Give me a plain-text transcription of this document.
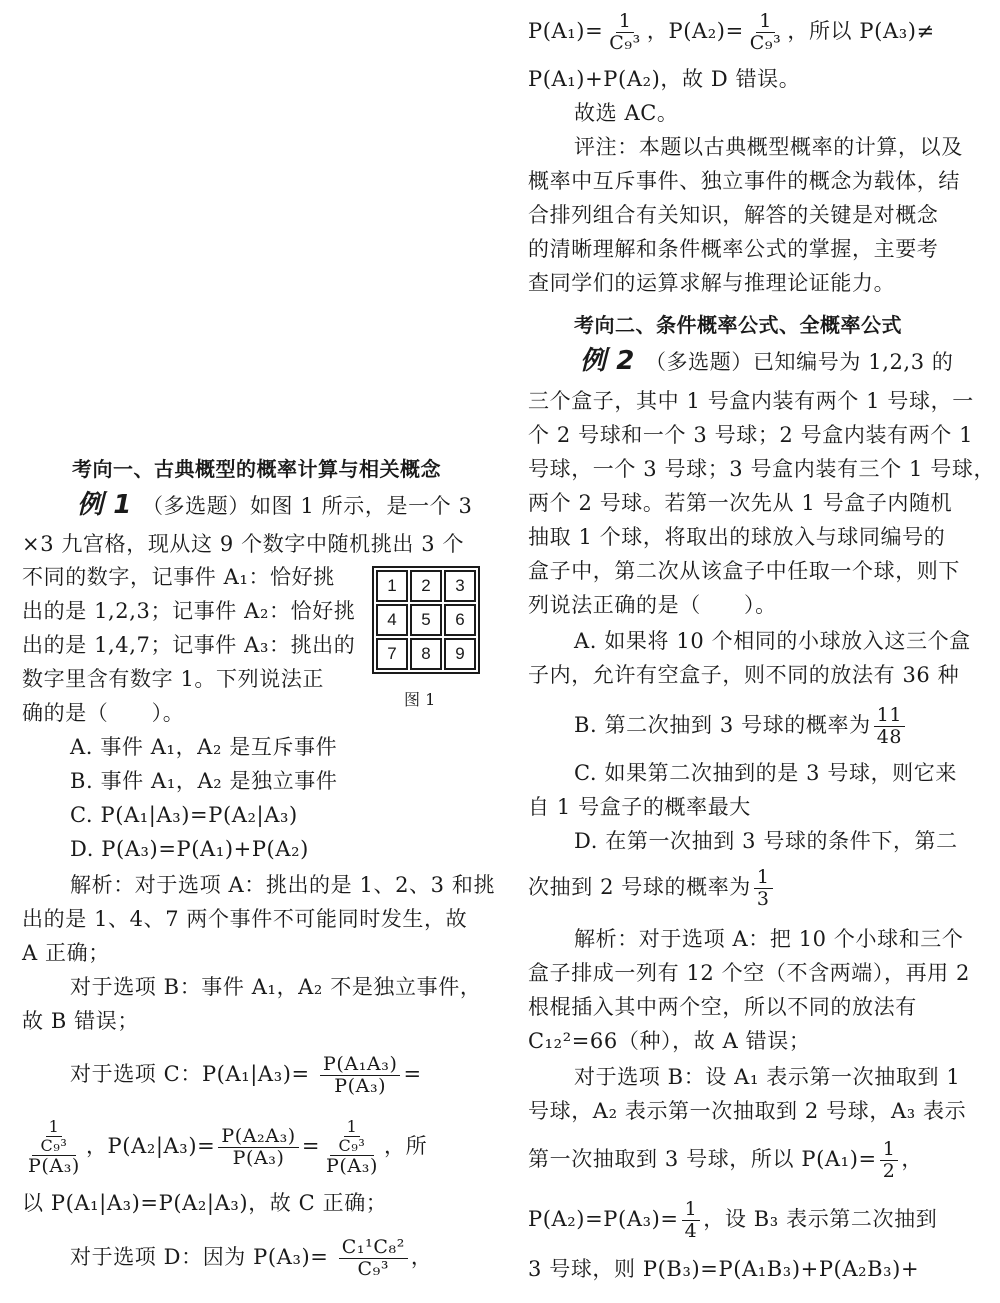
考向一、古典概型的概率计算与相关概念
例 1 （多选题）如图 1 所示，是一个 3
×3 九宫格，现从这 9 个数字中随机挑出 3 个
不同的数字，记事件 A₁：恰好挑
出的是 1,2,3；记事件 A₂：恰好挑
出的是 1,4,7；记事件 A₃：挑出的
数字里含有数字 1。下列说法正
确的是（　　）。
A. 事件 A₁，A₂ 是互斥事件
B. 事件 A₁，A₂ 是独立事件
C. P(A₁|A₃)=P(A₂|A₃)
D. P(A₃)=P(A₁)+P(A₂)
解析：对于选项 A：挑出的是 1、2、3 和挑
出的是 1、4、7 两个事件不可能同时发生，故
A 正确；
对于选项 B：事件 A₁，A₂ 不是独立事件，
故 B 错误；
对于选项 C：$P(A_1|A_3)= \frac{\text{P(A₁A₃)}}{\text{P(A₃)}}$ =
$\frac{\frac{1}{\text{C₉³}}}{\text{P(A₃)}}$ ，$P(A_2|A_3)= \frac{\text{P(A₂A₃)}}{\text{P(A₃)}} = \frac{\frac{1}{\text{C₉³}}}{\text{P(A₃)}}$ ，所
以 P(A₁|A₃)=P(A₂|A₃)，故 C 正确；
对于选项 D：因为 $P(A_3)= \frac{\text{C₁¹C₈²}}{\text{C₉³}}$ ，
1	2	3
4	5	6
7	8	9
图 1
$P(A_1)= \frac{1}{\text{C₉³}}$ ，$P(A_2)= \frac{1}{\text{C₉³}}$ ，所以 P(A₃)≠
P(A₁)+P(A₂)，故 D 错误。
故选 AC。
评注：本题以古典概型概率的计算，以及
概率中互斥事件、独立事件的概念为载体，结
合排列组合有关知识，解答的关键是对概念
的清晰理解和条件概率公式的掌握，主要考
查同学们的运算求解与推理论证能力。
考向二、条件概率公式、全概率公式
例 2 （多选题）已知编号为 1,2,3 的
三个盒子，其中 1 号盒内装有两个 1 号球，一
个 2 号球和一个 3 号球；2 号盒内装有两个 1
号球，一个 3 号球；3 号盒内装有三个 1 号球，
两个 2 号球。若第一次先从 1 号盒子内随机
抽取 1 个球，将取出的球放入与球同编号的
盒子中，第二次从该盒子中任取一个球，则下
列说法正确的是（　　）。
A. 如果将 10 个相同的小球放入这三个盒
子内，允许有空盒子，则不同的放法有 36 种
B. 第二次抽到 3 号球的概率为 $\frac{11}{48}$
C. 如果第二次抽到的是 3 号球，则它来
自 1 号盒子的概率最大
D. 在第一次抽到 3 号球的条件下，第二
次抽到 2 号球的概率为 $\frac{1}{3}$
解析：对于选项 A：把 10 个小球和三个
盒子排成一列有 12 个空（不含两端），再用 2
根棍插入其中两个空，所以不同的放法有
C₁₂²=66（种），故 A 错误；
对于选项 B：设 A₁ 表示第一次抽取到 1
号球，A₂ 表示第一次抽取到 2 号球，A₃ 表示
第一次抽取到 3 号球，所以 $P(A_1)= \frac{1}{2}$ ，
$P(A_2)=P(A_3)= \frac{1}{4}$ ，设 B₃ 表示第二次抽到
3 号球，则 P(B₃)=P(A₁B₃)+P(A₂B₃)+
